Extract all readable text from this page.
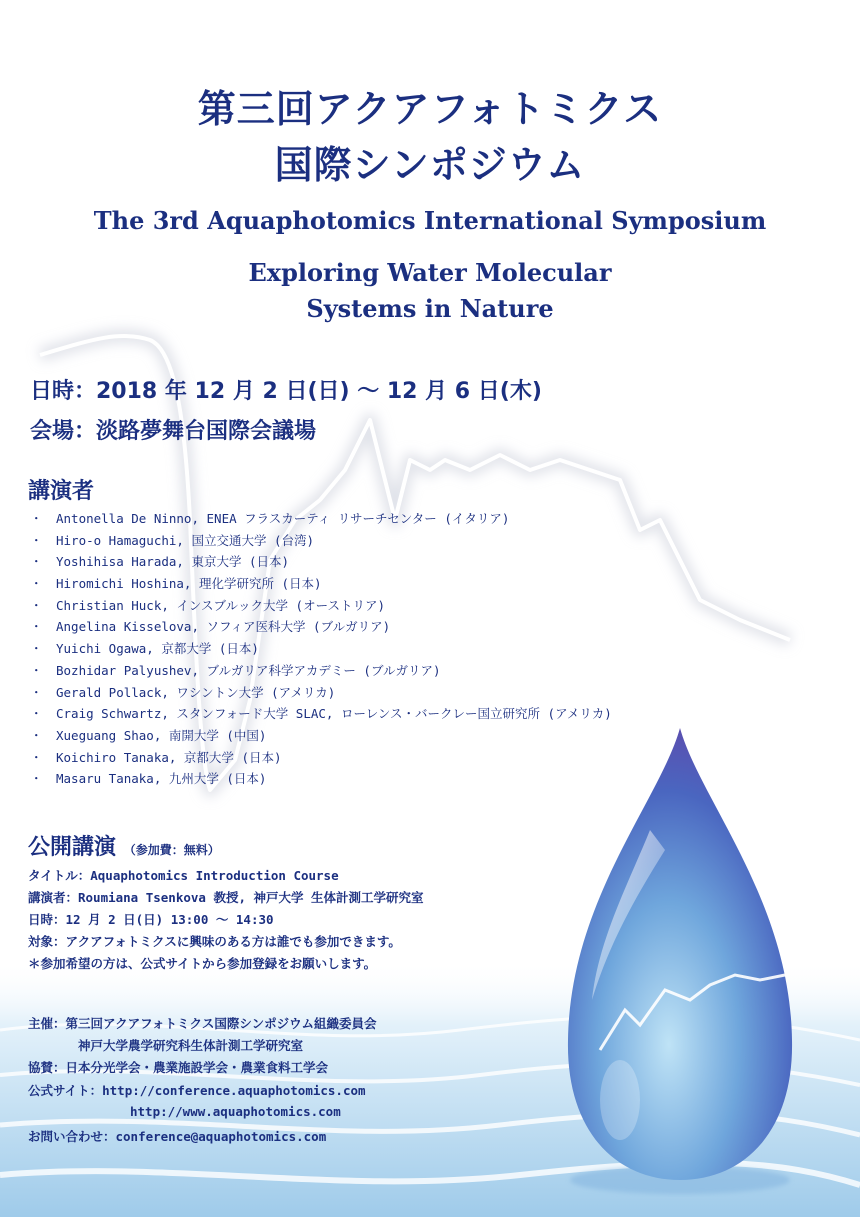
第三回アクアフォトミクス
国際シンポジウム
The 3rd Aquaphotomics International Symposium
Exploring Water Molecular
Systems in Nature
日時：2018 年 12 月 2 日(日) ～ 12 月 6 日(木)
会場：淡路夢舞台国際会議場
講演者
・ Antonella De Ninno, ENEA フラスカーティ リサーチセンター (イタリア)
・ Hiro-o Hamaguchi, 国立交通大学 (台湾)
・ Yoshihisa Harada, 東京大学 (日本)
・ Hiromichi Hoshina, 理化学研究所 (日本)
・ Christian Huck, インスブルック大学 (オーストリア)
・ Angelina Kisselova, ソフィア医科大学 (ブルガリア)
・ Yuichi Ogawa, 京都大学 (日本)
・ Bozhidar Palyushev, ブルガリア科学アカデミー (ブルガリア)
・ Gerald Pollack, ワシントン大学 (アメリカ)
・ Craig Schwartz, スタンフォード大学 SLAC, ローレンス・バークレー国立研究所 (アメリカ)
・ Xueguang Shao, 南開大学 (中国)
・ Koichiro Tanaka, 京都大学 (日本)
・ Masaru Tanaka, 九州大学 (日本)
公開講演 （参加費：無料）
タイトル：Aquaphotomics Introduction Course
講演者：Roumiana Tsenkova 教授, 神戸大学 生体計測工学研究室
日時：12 月 2 日(日) 13:00 ～ 14:30
対象：アクアフォトミクスに興味のある方は誰でも参加できます。
＊参加希望の方は、公式サイトから参加登録をお願いします。
主催：第三回アクアフォトミクス国際シンポジウム組織委員会
神戸大学農学研究科生体計測工学研究室
協賛：日本分光学会・農業施設学会・農業食料工学会
公式サイト：http://conference.aquaphotomics.com
http://www.aquaphotomics.com
お問い合わせ：conference@aquaphotomics.com
